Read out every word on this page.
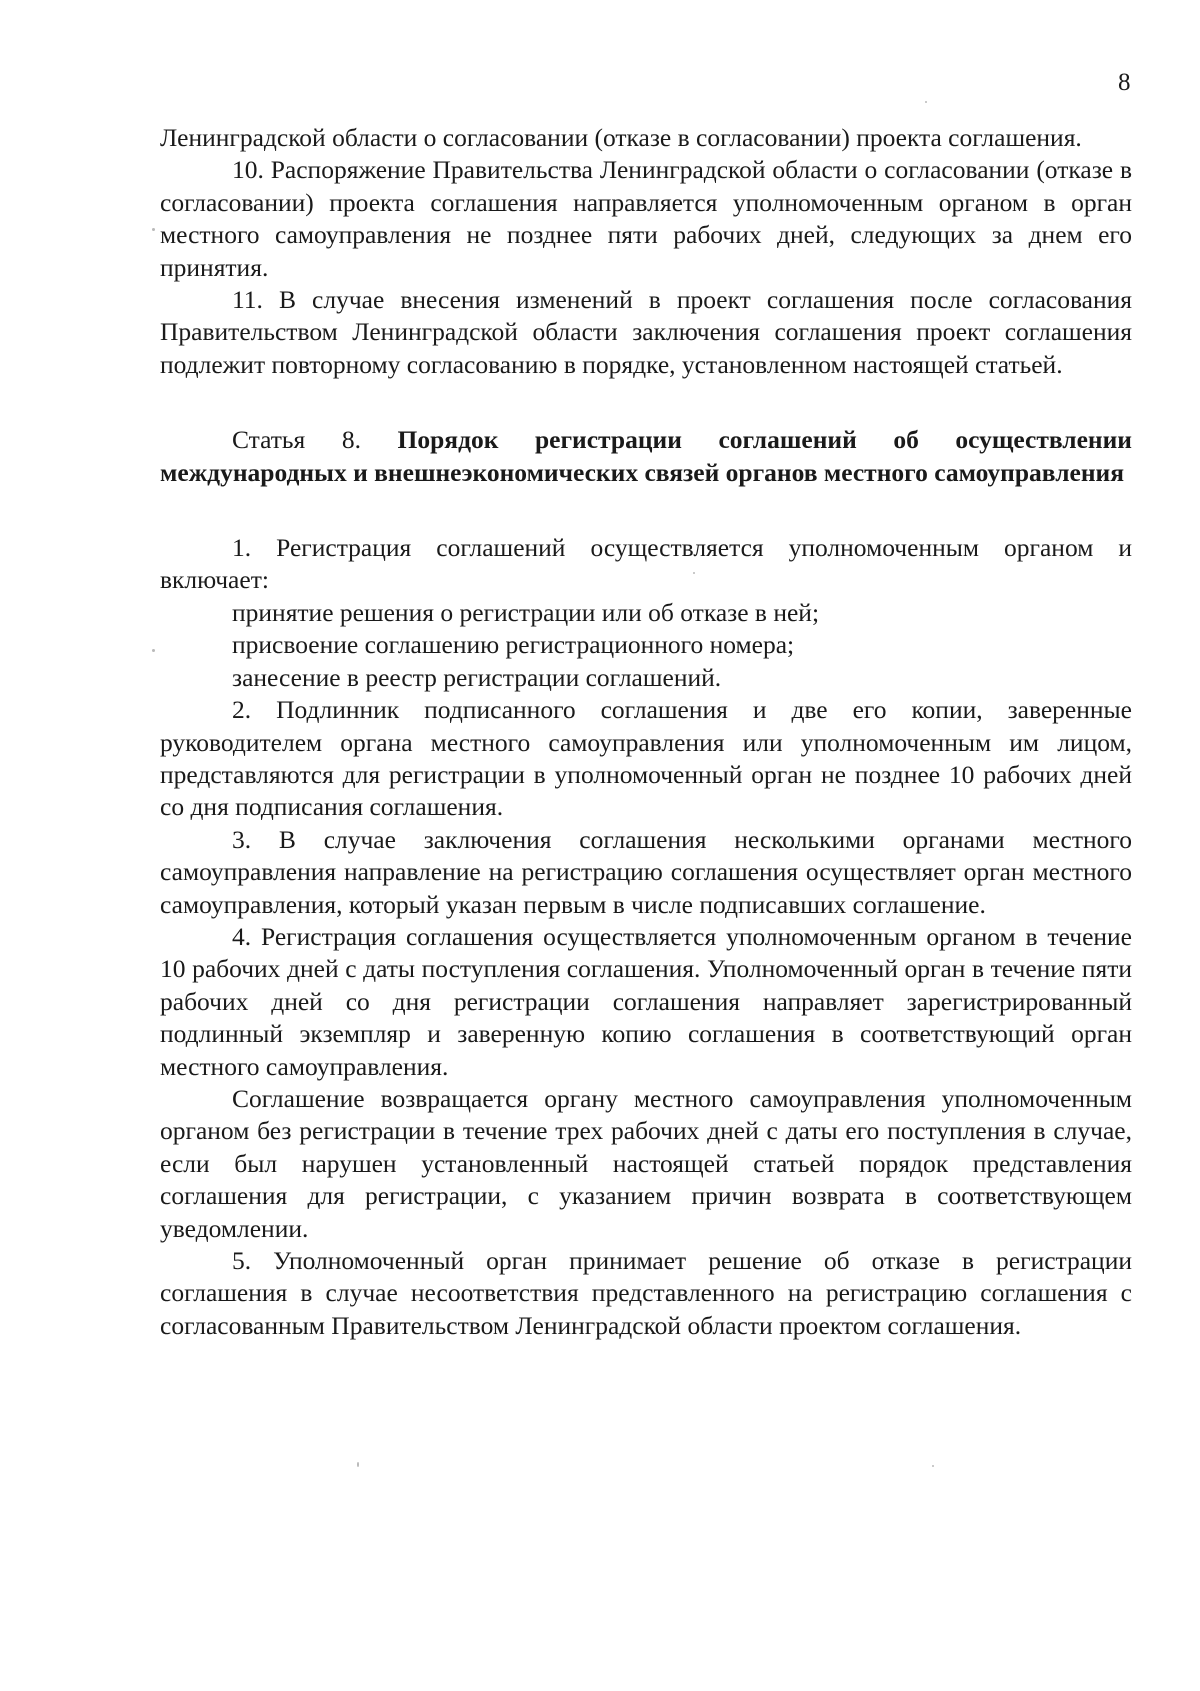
8

Ленинградской области о согласовании (отказе в согласовании) проекта соглашения.

10. Распоряжение Правительства Ленинградской области о согласовании (отказе в согласовании) проекта соглашения направляется уполномоченным органом в орган местного самоуправления не позднее пяти рабочих дней, следующих за днем его принятия.

11. В случае внесения изменений в проект соглашения после согласования Правительством Ленинградской области заключения соглашения проект соглашения подлежит повторному согласованию в порядке, установленном настоящей статьей.

Статья 8. Порядок регистрации соглашений об осуществлении международных и внешнеэкономических связей органов местного самоуправления

1. Регистрация соглашений осуществляется уполномоченным органом и включает:

принятие решения о регистрации или об отказе в ней;

присвоение соглашению регистрационного номера;

занесение в реестр регистрации соглашений.

2. Подлинник подписанного соглашения и две его копии, заверенные руководителем органа местного самоуправления или уполномоченным им лицом, представляются для регистрации в уполномоченный орган не позднее 10 рабочих дней со дня подписания соглашения.

3. В случае заключения соглашения несколькими органами местного самоуправления направление на регистрацию соглашения осуществляет орган местного самоуправления, который указан первым в числе подписавших соглашение.

4. Регистрация соглашения осуществляется уполномоченным органом в течение 10 рабочих дней с даты поступления соглашения. Уполномоченный орган в течение пяти рабочих дней со дня регистрации соглашения направляет зарегистрированный подлинный экземпляр и заверенную копию соглашения в соответствующий орган местного самоуправления.

Соглашение возвращается органу местного самоуправления уполномоченным органом без регистрации в течение трех рабочих дней с даты его поступления в случае, если был нарушен установленный настоящей статьей порядок представления соглашения для регистрации, с указанием причин возврата в соответствующем уведомлении.

5. Уполномоченный орган принимает решение об отказе в регистрации соглашения в случае несоответствия представленного на регистрацию соглашения с согласованным Правительством Ленинградской области проектом соглашения.
